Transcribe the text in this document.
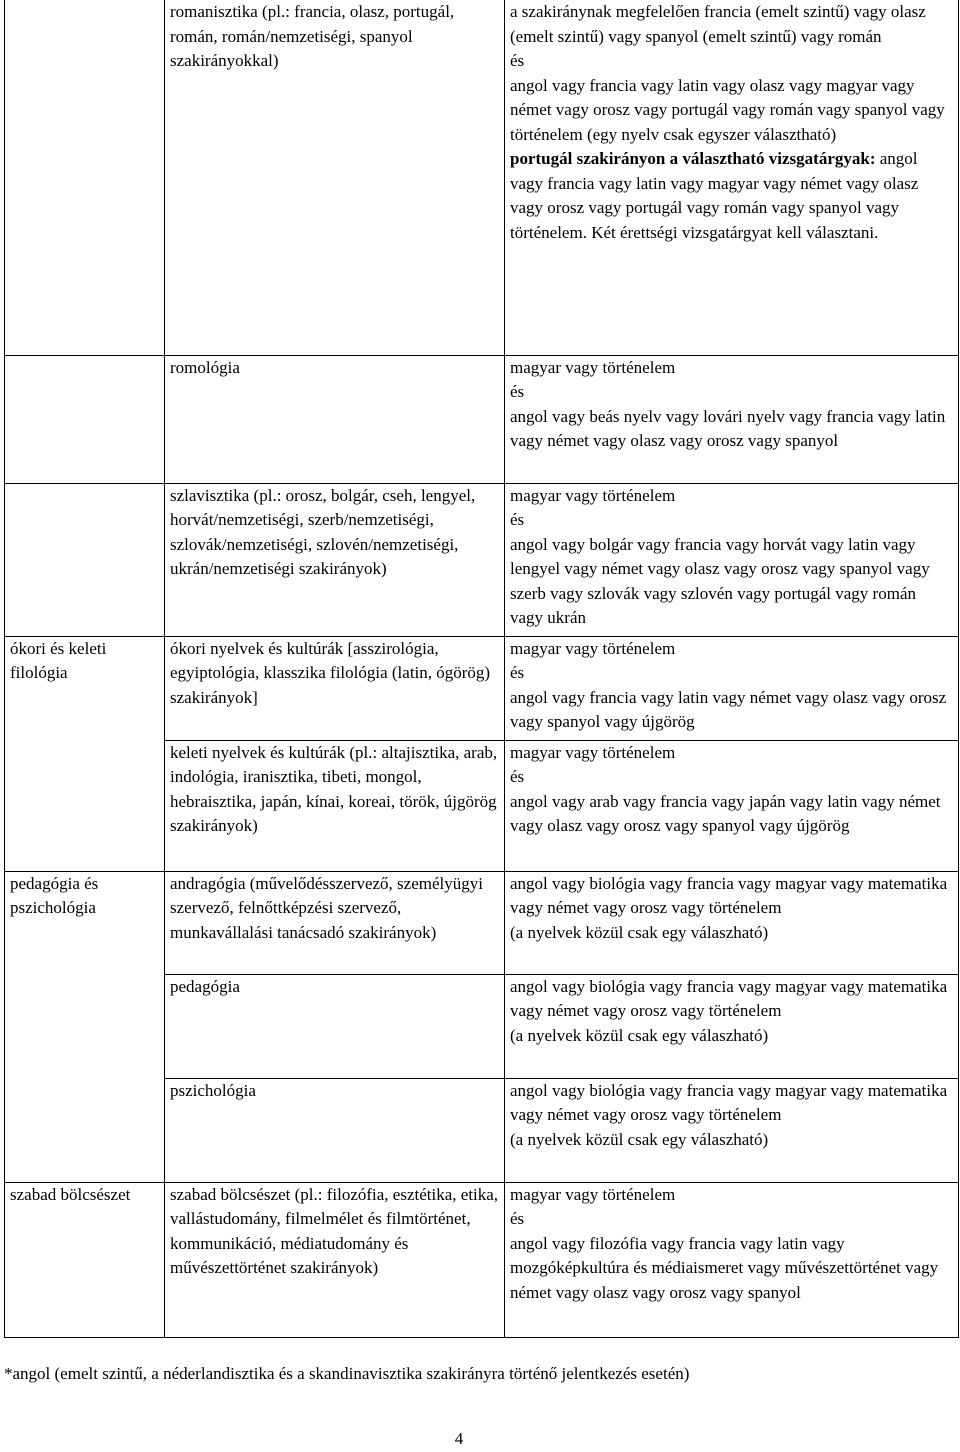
	romanisztika (pl.: francia, olasz, portugál, román, román/nemzetiségi, spanyol szakirányokkal)	a szakiránynak megfelelően francia (emelt szintű) vagy olasz (emelt szintű) vagy spanyol (emelt szintű) vagy román
és
angol vagy francia vagy latin vagy olasz vagy magyar vagy német vagy orosz vagy portugál vagy román vagy spanyol vagy történelem (egy nyelv csak egyszer választható)
portugál szakirányon a választható vizsgatárgyak: angol vagy francia vagy latin vagy magyar vagy német vagy olasz vagy orosz vagy portugál vagy román vagy spanyol vagy történelem. Két érettségi vizsgatárgyat kell választani.

	romológia	magyar vagy történelem
és
angol vagy beás nyelv vagy lovári nyelv vagy francia vagy latin vagy német vagy olasz vagy orosz vagy spanyol

	szlavisztika (pl.: orosz, bolgár, cseh, lengyel, horvát/nemzetiségi, szerb/nemzetiségi, szlovák/nemzetiségi, szlovén/nemzetiségi, ukrán/nemzetiségi szakirányok)	magyar vagy történelem
és
angol vagy bolgár vagy francia vagy horvát vagy latin vagy lengyel vagy német vagy olasz vagy orosz vagy spanyol vagy szerb vagy szlovák vagy szlovén vagy portugál vagy román vagy ukrán

ókori és keleti filológia	ókori nyelvek és kultúrák [asszirológia, egyiptológia, klasszika filológia (latin, ógörög) szakirányok]	magyar vagy történelem
és
angol vagy francia vagy latin vagy német vagy olasz vagy orosz vagy spanyol vagy újgörög

	keleti nyelvek és kultúrák (pl.: altajisztika, arab, indológia, iranisztika, tibeti, mongol, hebraisztika, japán, kínai, koreai, török, újgörög szakirányok)	magyar vagy történelem
és
angol vagy arab vagy francia vagy japán vagy latin vagy német vagy olasz vagy orosz vagy spanyol vagy újgörög

pedagógia és pszichológia	andragógia (művelődésszervező, személyügyi szervező, felnőttképzési szervező, munkavállalási tanácsadó szakirányok)	angol vagy biológia vagy francia vagy magyar vagy matematika vagy német vagy orosz vagy történelem
(a nyelvek közül csak egy válaszható)

	pedagógia	angol vagy biológia vagy francia vagy magyar vagy matematika vagy német vagy orosz vagy történelem
(a nyelvek közül csak egy válaszható)

	pszichológia	angol vagy biológia vagy francia vagy magyar vagy matematika vagy német vagy orosz vagy történelem
(a nyelvek közül csak egy válaszható)

szabad bölcsészet	szabad bölcsészet (pl.: filozófia, esztétika, etika, vallástudomány, filmelmélet és filmtörténet, kommunikáció, médiatudomány és művészettörténet szakirányok)	magyar vagy történelem
és
angol vagy filozófia vagy francia vagy latin vagy mozgóképkultúra és médiaismeret vagy művészettörténet vagy német vagy olasz vagy orosz vagy spanyol
*angol (emelt szintű, a néderlandisztika és a skandinavisztika szakirányra történő jelentkezés esetén)
4
